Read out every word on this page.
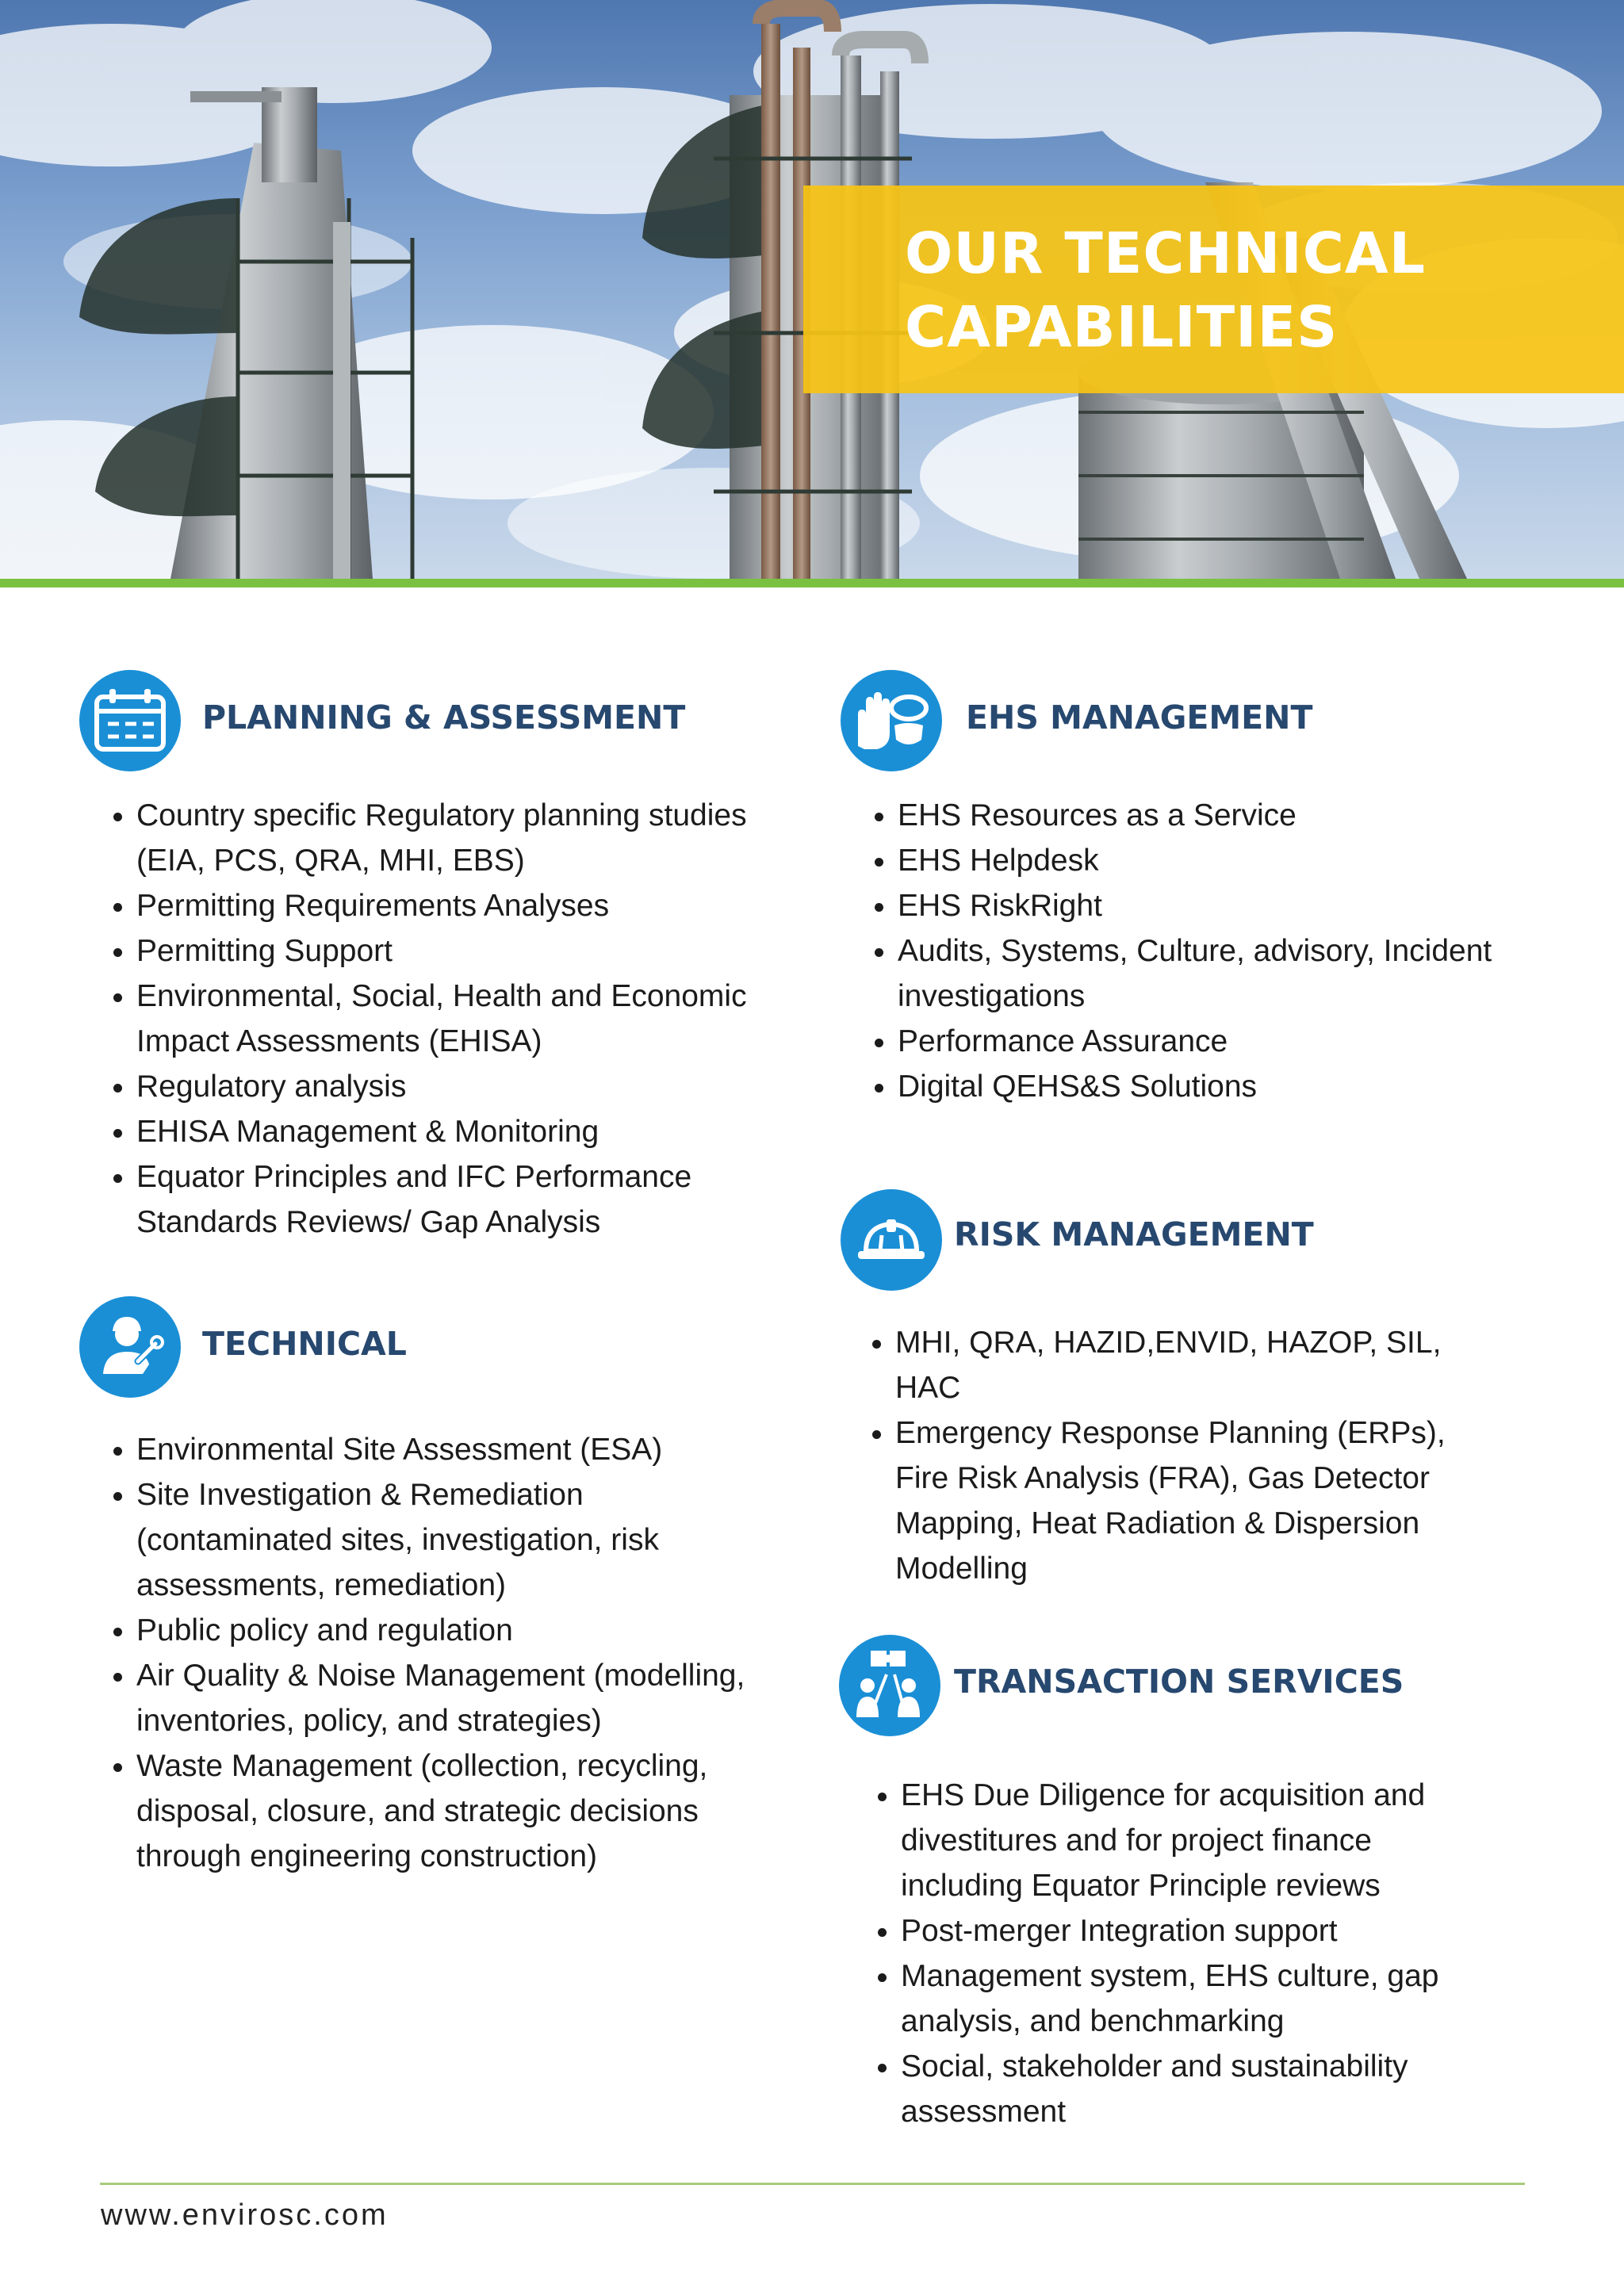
OUR TECHNICAL
CAPABILITIES
PLANNING & ASSESSMENT
• Country specific Regulatory planning studies (EIA, PCS, QRA, MHI, EBS)
• Permitting Requirements Analyses
• Permitting Support
• Environmental, Social, Health and Economic Impact Assessments (EHISA)
• Regulatory analysis
• EHISA Management & Monitoring
• Equator Principles and IFC Performance Standards Reviews/ Gap Analysis
TECHNICAL
• Environmental Site Assessment (ESA)
• Site Investigation & Remediation (contaminated sites, investigation, risk assessments, remediation)
• Public policy and regulation
• Air Quality & Noise Management (modelling, inventories, policy, and strategies)
• Waste Management (collection, recycling, disposal, closure, and strategic decisions through engineering construction)
EHS MANAGEMENT
• EHS Resources as a Service
• EHS Helpdesk
• EHS RiskRight
• Audits, Systems, Culture, advisory, Incident investigations
• Performance Assurance
• Digital QEHS&S Solutions
RISK MANAGEMENT
• MHI, QRA, HAZID,ENVID, HAZOP, SIL, HAC
• Emergency Response Planning (ERPs), Fire Risk Analysis (FRA), Gas Detector Mapping, Heat Radiation & Dispersion Modelling
TRANSACTION SERVICES
• EHS Due Diligence for acquisition and divestitures and for project finance including Equator Principle reviews
• Post-merger Integration support
• Management system, EHS culture, gap analysis, and benchmarking
• Social, stakeholder and sustainability assessment
www.envirosc.com
